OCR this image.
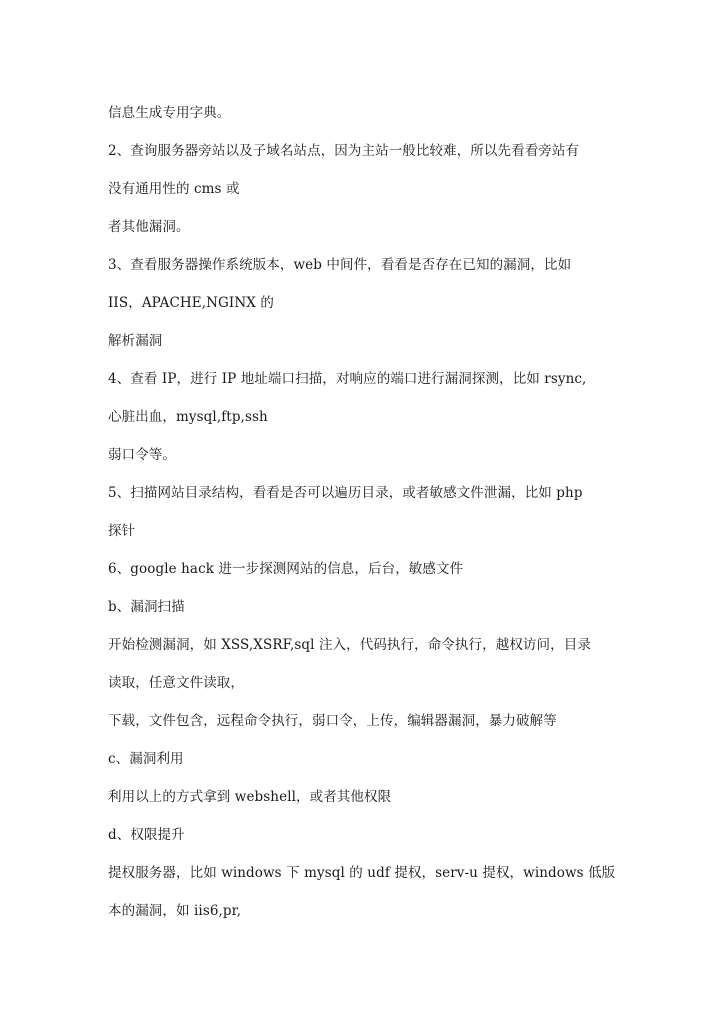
信息生成专用字典。
2、查询服务器旁站以及子域名站点，因为主站一般比较难，所以先看看旁站有
没有通用性的 cms 或
者其他漏洞。
3、查看服务器操作系统版本，web 中间件，看看是否存在已知的漏洞，比如
IIS，APACHE,NGINX 的
解析漏洞
4、查看 IP，进行 IP 地址端口扫描，对响应的端口进行漏洞探测，比如 rsync,
心脏出血，mysql,ftp,ssh
弱口令等。
5、扫描网站目录结构，看看是否可以遍历目录，或者敏感文件泄漏，比如 php
探针
6、google hack 进一步探测网站的信息，后台，敏感文件
b、漏洞扫描
开始检测漏洞，如 XSS,XSRF,sql 注入，代码执行，命令执行，越权访问，目录
读取，任意文件读取，
下载，文件包含，远程命令执行，弱口令，上传，编辑器漏洞，暴力破解等
c、漏洞利用
利用以上的方式拿到 webshell，或者其他权限
d、权限提升
提权服务器，比如 windows 下 mysql 的 udf 提权，serv-u 提权，windows 低版
本的漏洞，如 iis6,pr,
